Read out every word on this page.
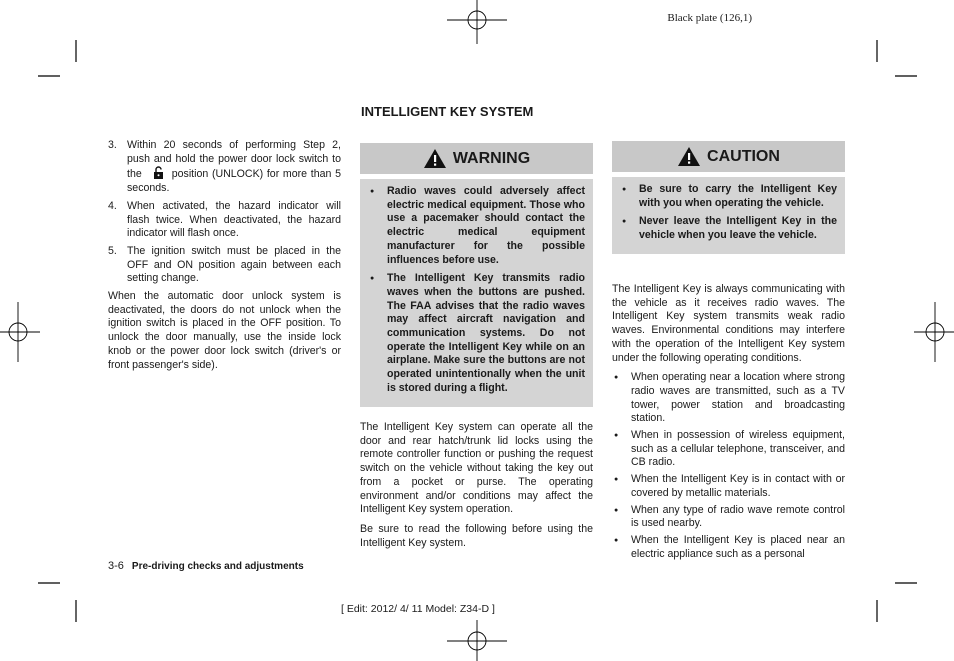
Black plate (126,1)
INTELLIGENT KEY SYSTEM
3. Within 20 seconds of performing Step 2, push and hold the power door lock switch to the	position (UNLOCK) for more than 5 seconds.
4. When activated, the hazard indicator will flash twice. When deactivated, the hazard indicator will flash once.
5. The ignition switch must be placed in the OFF and ON position again between each setting change.

When the automatic door unlock system is deactivated, the doors do not unlock when the ignition switch is placed in the OFF position. To unlock the door manually, use the inside lock knob or the power door lock switch (driver's or front passenger's side).

WARNING
● Radio waves could adversely affect electric medical equipment. Those who use a pacemaker should contact the electric medical equipment manufacturer for the possible influences before use.
● The Intelligent Key transmits radio waves when the buttons are pushed. The FAA advises that the radio waves may affect aircraft navigation and communication systems. Do not operate the Intelligent Key while on an airplane. Make sure the buttons are not operated unintentionally when the unit is stored during a flight.

The Intelligent Key system can operate all the door and rear hatch/trunk lid locks using the remote controller function or pushing the request switch on the vehicle without taking the key out from a pocket or purse. The operating environment and/or conditions may affect the Intelligent Key system operation.

Be sure to read the following before using the Intelligent Key system.

CAUTION
● Be sure to carry the Intelligent Key with you when operating the vehicle.
● Never leave the Intelligent Key in the vehicle when you leave the vehicle.

The Intelligent Key is always communicating with the vehicle as it receives radio waves. The Intelligent Key system transmits weak radio waves. Environmental conditions may interfere with the operation of the Intelligent Key system under the following operating conditions.

● When operating near a location where strong radio waves are transmitted, such as a TV tower, power station and broadcasting station.
● When in possession of wireless equipment, such as a cellular telephone, transceiver, and CB radio.
● When the Intelligent Key is in contact with or covered by metallic materials.
● When any type of radio wave remote control is used nearby.
● When the Intelligent Key is placed near an electric appliance such as a personal
3-6 Pre-driving checks and adjustments
[ Edit: 2012/ 4/ 11 Model: Z34-D ]
